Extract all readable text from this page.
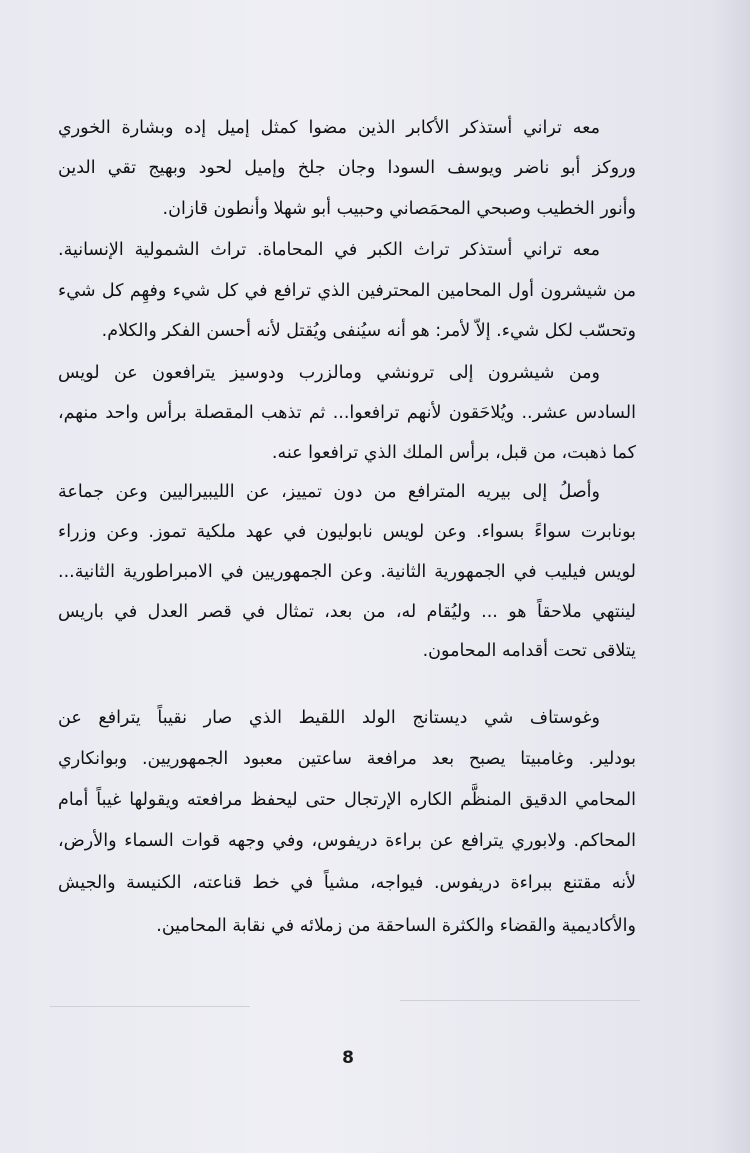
معه تراني أستذكر الأكابر الذين مضوا كمثل إميل إده وبشارة الخوري
وروكز أبو ناضر ويوسف السودا وجان جلخ وإميل لحود وبهيج تقي الدين
وأنور الخطيب وصبحي المحمَصاني وحبيب أبو شهلا وأنطون قازان.
معه تراني أستذكر تراث الكبر في المحاماة. تراث الشمولية الإنسانية.
من شيشرون أول المحامين المحترفين الذي ترافع في كل شيء وفهِم كل شيء
وتحسّب لكل شيء. إلاّ لأمر: هو أنه سيُنفى ويُقتل لأنه أحسن الفكر والكلام.
ومن شيشرون إلى ترونشي ومالزرب ودوسيز يترافعون عن لويس
السادس عشر.. ويُلاحَقون لأنهم ترافعوا... ثم تذهب المقصلة برأس واحد منهم،
كما ذهبت، من قبل، برأس الملك الذي ترافعوا عنه.
وأصلُ إلى بيريه المترافع من دون تمييز، عن الليبيراليين وعن جماعة
بونابرت سواءً بسواء. وعن لويس نابوليون في عهد ملكية تموز. وعن وزراء
لويس فيليب في الجمهورية الثانية. وعن الجمهوريين في الامبراطورية الثانية...
لينتهي ملاحقاً هو ... وليُقام له، من بعد، تمثال في قصر العدل في باريس
يتلاقى تحت أقدامه المحامون.
وغوستاف شي ديستانج الولد اللقيط الذي صار نقيباً يترافع عن
بودلير. وغامبيتا يصبح بعد مرافعة ساعتين معبود الجمهوريين. وبوانكاري
المحامي الدقيق المنظَّم الكاره الإرتجال حتى ليحفظ مرافعته ويقولها غيباً أمام
المحاكم. ولابوري يترافع عن براءة دريفوس، وفي وجهه قوات السماء والأرض،
لأنه مقتنع ببراءة دريفوس. فيواجه، مشياً في خط قناعته، الكنيسة والجيش
والأكاديمية والقضاء والكثرة الساحقة من زملائه في نقابة المحامين.
8
